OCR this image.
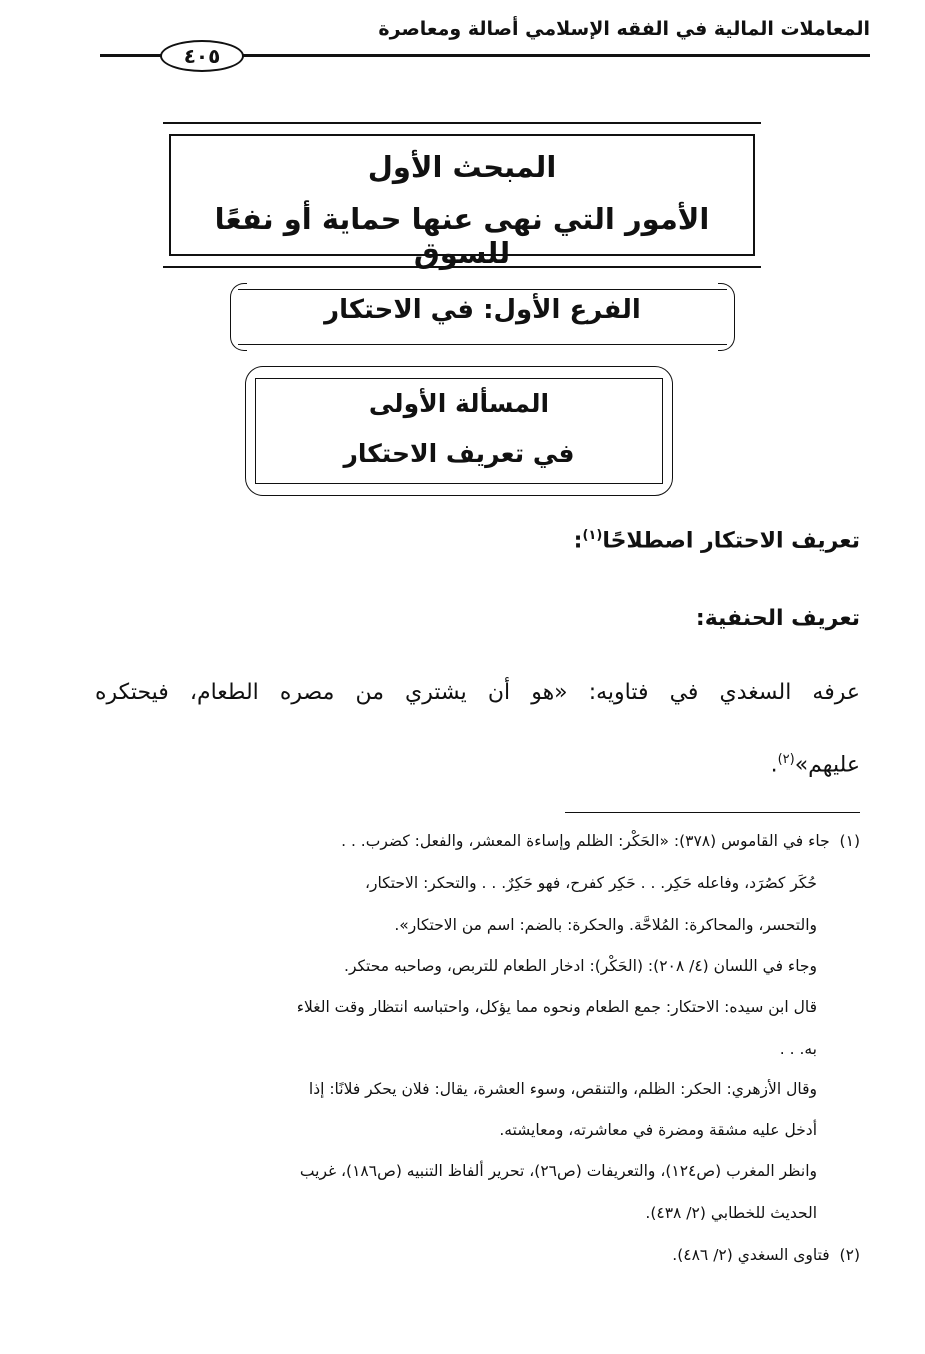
المعاملات المالية في الفقه الإسلامي أصالة ومعاصرة
٤٠٥
المبحث الأول
الأمور التي نهى عنها حماية أو نفعًا للسوق
الفرع الأول: في الاحتكار
المسألة الأولى
في تعريف الاحتكار
تعريف الاحتكار اصطلاحًا$^{(١)}$:
تعريف الحنفية:
عرفه السغدي في فتاويه: «هو أن يشتري من مصره الطعام، فيحتكره
عليهم»$^{(٢)}$.
(١)  جاء في القاموس (٣٧٨): «الحَكْر: الظلم وإساءة المعشر، والفعل: كضرب. . .
حُكَر كصُرَد، وفاعله حَكِر. . . حَكِر كفرح، فهو حَكِرٌ. . . والتحكر: الاحتكار،
والتحسر، والمحاكرة: المُلاحَّة. والحكرة: بالضم: اسم من الاحتكار».
وجاء في اللسان (٤/ ٢٠٨): (الحَكْر): ادخار الطعام للتربص، وصاحبه محتكر.
قال ابن سيده: الاحتكار: جمع الطعام ونحوه مما يؤكل، واحتباسه انتظار وقت الغلاء
به. . .
وقال الأزهري: الحكر: الظلم، والتنقص، وسوء العشرة، يقال: فلان يحكر فلانًا: إذا
أدخل عليه مشقة ومضرة في معاشرته، ومعايشته.
وانظر المغرب (ص١٢٤)، والتعريفات (ص٢٦)، تحرير ألفاظ التنبيه (ص١٨٦)، غريب
الحديث للخطابي (٢/ ٤٣٨).
(٢)  فتاوى السغدي (٢/ ٤٨٦).
